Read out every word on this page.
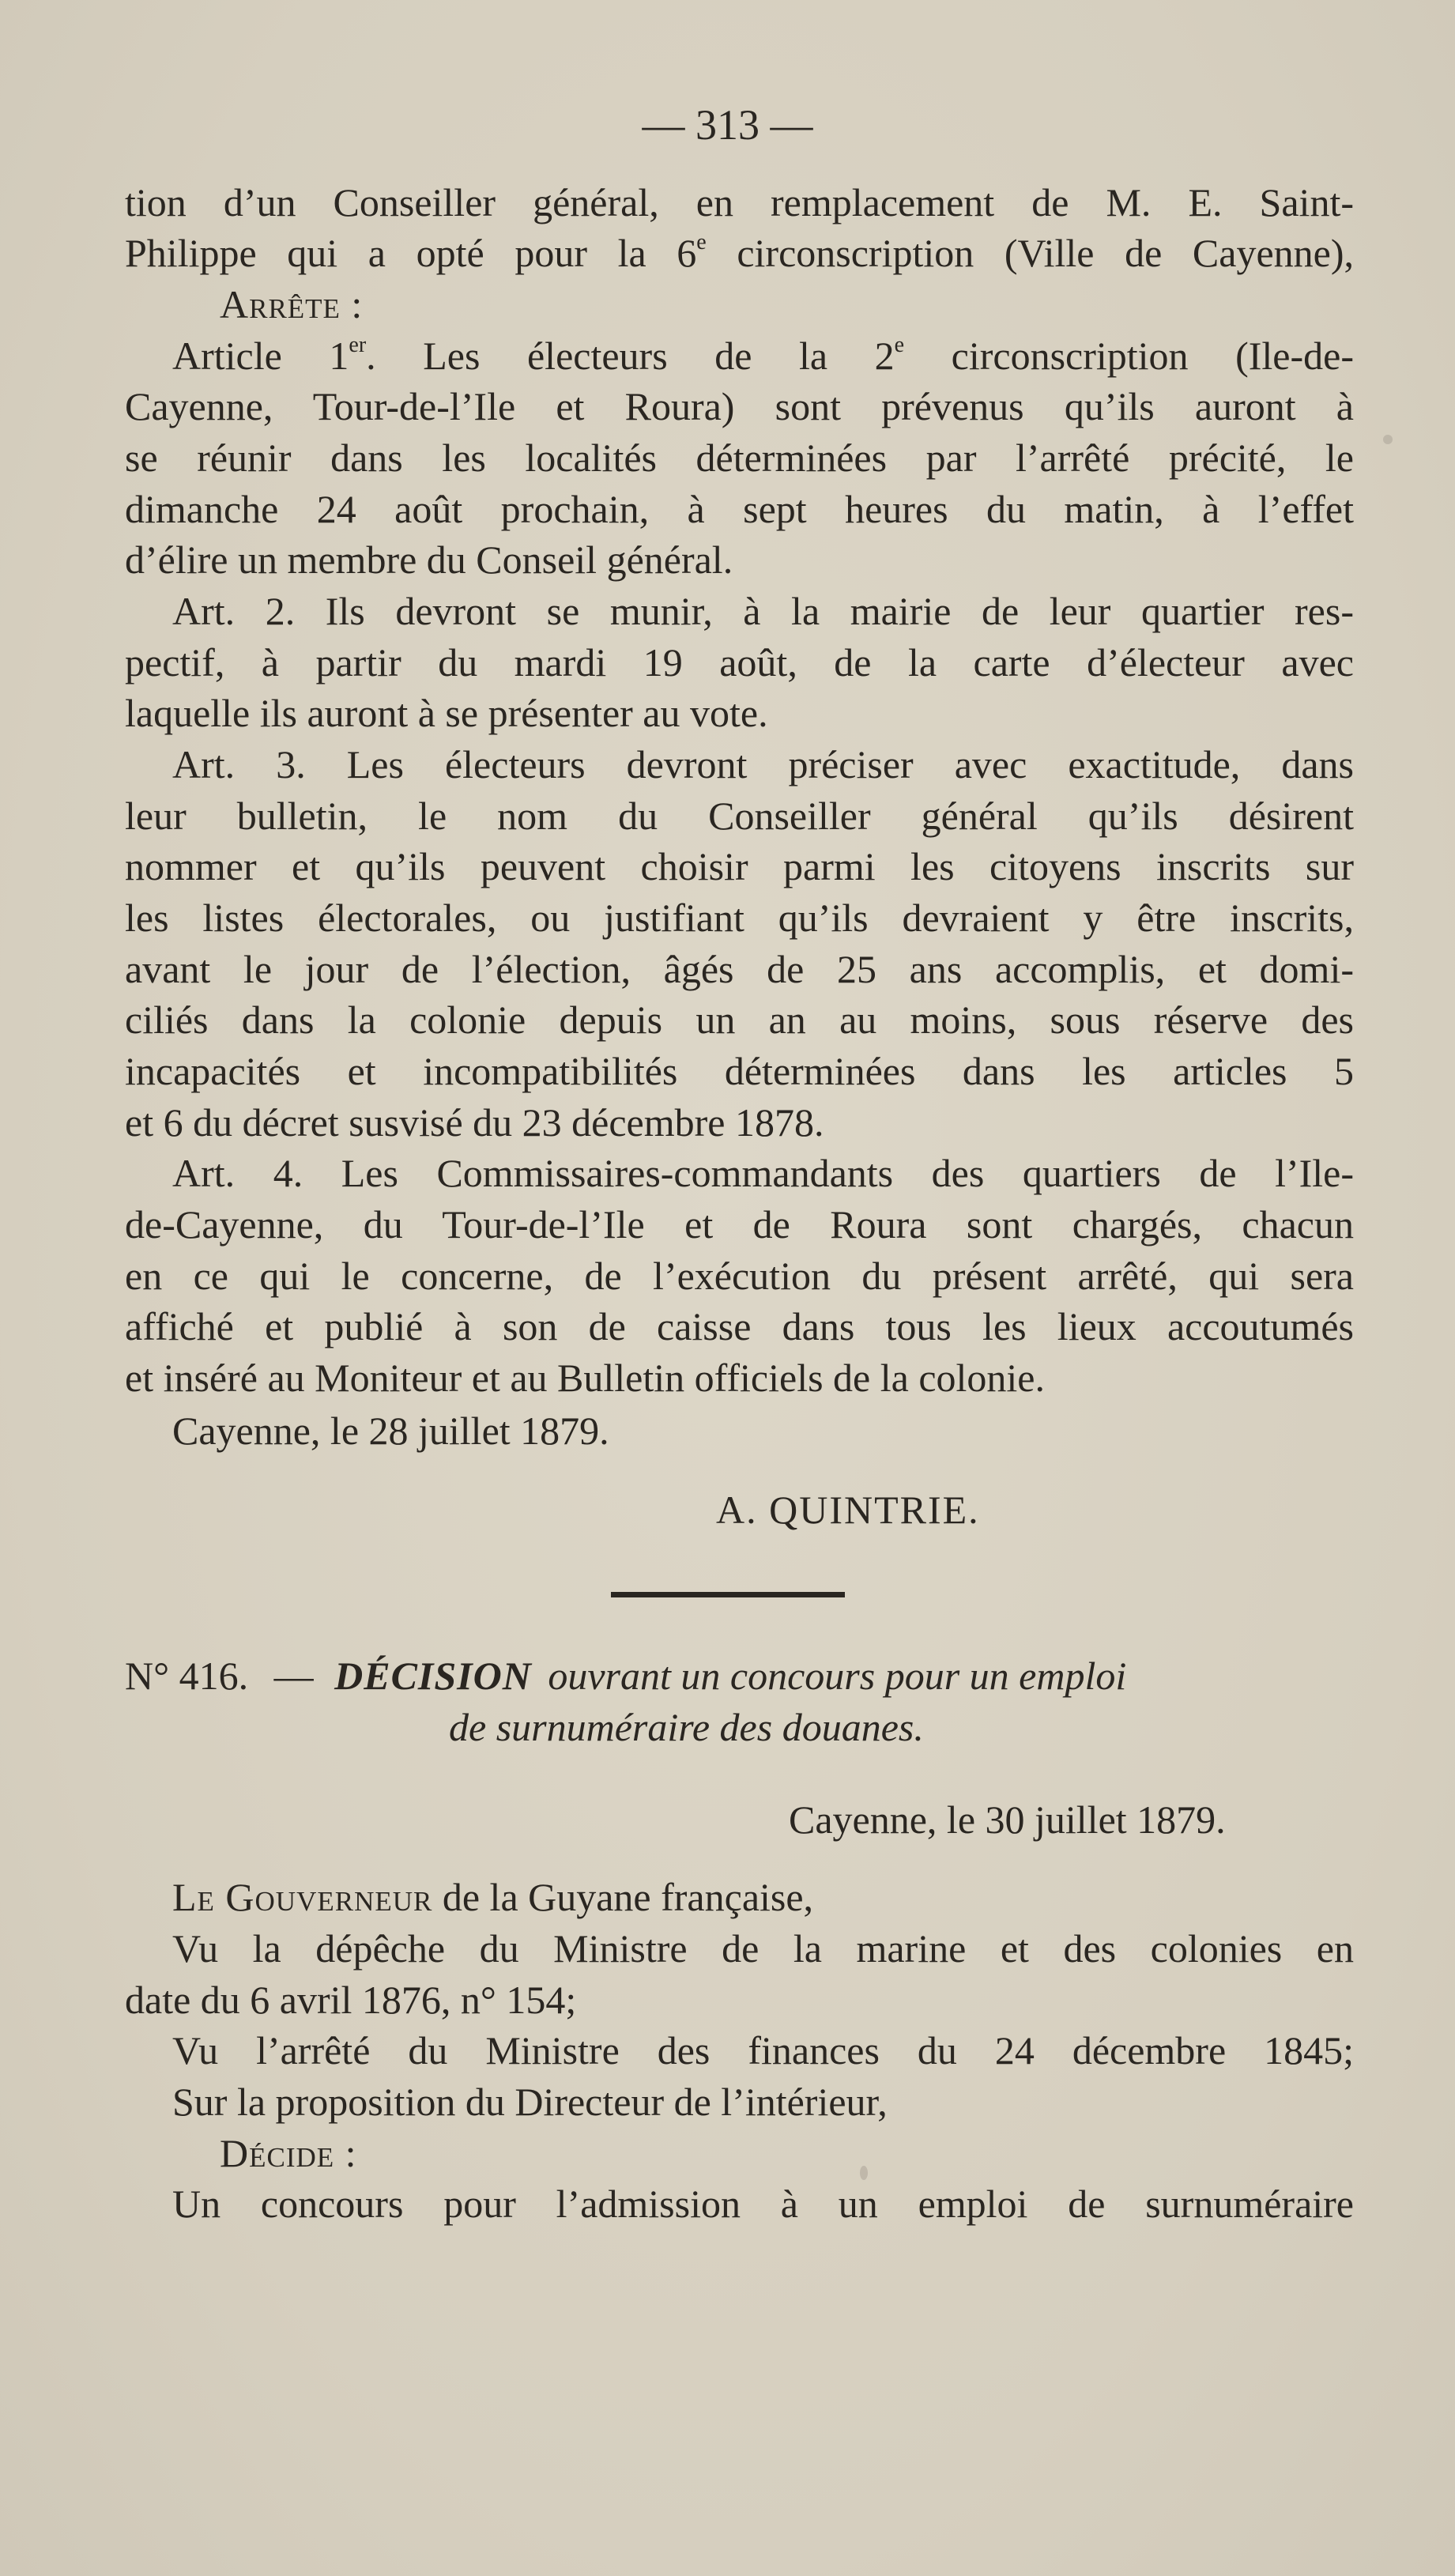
— 313 —
tion d’un Conseiller général, en remplacement de M. E. Saint-
Philippe qui a opté pour la 6e circonscription (Ville de Cayenne),
Arrête :
Article 1er. Les électeurs de la 2e circonscription (Ile-de-
Cayenne, Tour-de-l’Ile et Roura) sont prévenus qu’ils auront à
se réunir dans les localités déterminées par l’arrêté précité, le
dimanche 24 août prochain, à sept heures du matin, à l’effet
d’élire un membre du Conseil général.
Art. 2. Ils devront se munir, à la mairie de leur quartier res-
pectif, à partir du mardi 19 août, de la carte d’électeur avec
laquelle ils auront à se présenter au vote.
Art. 3. Les électeurs devront préciser avec exactitude, dans
leur bulletin, le nom du Conseiller général qu’ils désirent
nommer et qu’ils peuvent choisir parmi les citoyens inscrits sur
les listes électorales, ou justifiant qu’ils devraient y être inscrits,
avant le jour de l’élection, âgés de 25 ans accomplis, et domi-
ciliés dans la colonie depuis un an au moins, sous réserve des
incapacités et incompatibilités déterminées dans les articles 5
et 6 du décret susvisé du 23 décembre 1878.
Art. 4. Les Commissaires-commandants des quartiers de l’Ile-
de-Cayenne, du Tour-de-l’Ile et de Roura sont chargés, chacun
en ce qui le concerne, de l’exécution du présent arrêté, qui sera
affiché et publié à son de caisse dans tous les lieux accoutumés
et inséré au Moniteur et au Bulletin officiels de la colonie.
Cayenne, le 28 juillet 1879.
A. QUINTRIE.
N° 416. — DÉCISION ouvrant un concours pour un emploi
de surnuméraire des douanes.
Cayenne, le 30 juillet 1879.
Le Gouverneur de la Guyane française,
Vu la dépêche du Ministre de la marine et des colonies en
date du 6 avril 1876, n° 154;
Vu l’arrêté du Ministre des finances du 24 décembre 1845;
Sur la proposition du Directeur de l’intérieur,
Décide :
Un concours pour l’admission à un emploi de surnuméraire
